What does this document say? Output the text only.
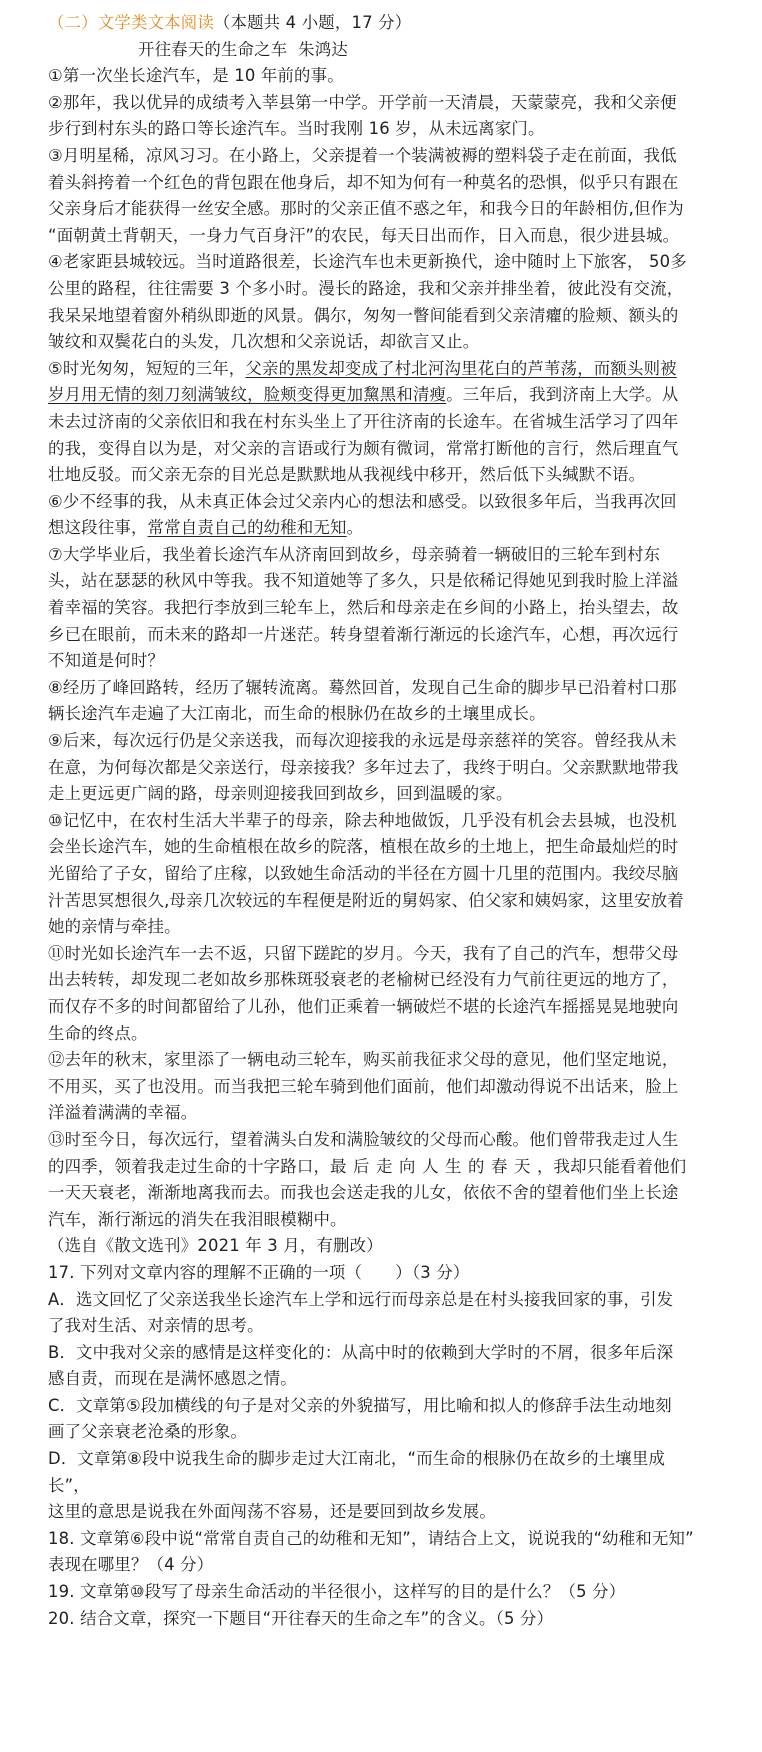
（二）文学类文本阅读（本题共 4 小题，17 分）
开往春天的生命之车 朱鸿达
①第一次坐长途汽车，是 10 年前的事。
②那年，我以优异的成绩考入莘县第一中学。开学前一天清晨，天蒙蒙亮，我和父亲便
步行到村东头的路口等长途汽车。当时我刚 16 岁，从未远离家门。
③月明星稀，凉风习习。在小路上，父亲提着一个装满被褥的塑料袋子走在前面，我低
着头斜挎着一个红色的背包跟在他身后，却不知为何有一种莫名的恐惧，似乎只有跟在
父亲身后才能获得一丝安全感。那时的父亲正值不惑之年，和我今日的年龄相仿,但作为
“面朝黄土背朝天，一身力气百身汗”的农民，每天日出而作，日入而息，很少进县城。
④老家距县城较远。当时道路很差，长途汽车也未更新换代，途中随时上下旅客， 50多
公里的路程，往往需要 3 个多小时。漫长的路途，我和父亲并排坐着，彼此没有交流，
我呆呆地望着窗外稍纵即逝的风景。偶尔，匆匆一瞥间能看到父亲清癯的脸颊、额头的
皱纹和双鬓花白的头发，几次想和父亲说话，却欲言又止。
⑤时光匆匆，短短的三年，父亲的黑发却变成了村北河沟里花白的芦苇荡，而额头则被
岁月用无情的刻刀刻满皱纹，脸颊变得更加黧黑和清瘦。三年后，我到济南上大学。从
未去过济南的父亲依旧和我在村东头坐上了开往济南的长途车。在省城生活学习了四年
的我，变得自以为是，对父亲的言语或行为颇有微词，常常打断他的言行，然后理直气
壮地反驳。而父亲无奈的目光总是默默地从我视线中移开，然后低下头缄默不语。
⑥少不经事的我，从未真正体会过父亲内心的想法和感受。以致很多年后，当我再次回
想这段往事，常常自责自己的幼稚和无知。
⑦大学毕业后，我坐着长途汽车从济南回到故乡，母亲骑着一辆破旧的三轮车到村东
头，站在瑟瑟的秋风中等我。我不知道她等了多久，只是依稀记得她见到我时脸上洋溢
着幸福的笑容。我把行李放到三轮车上，然后和母亲走在乡间的小路上，抬头望去，故
乡已在眼前，而未来的路却一片迷茫。转身望着渐行渐远的长途汽车，心想，再次远行
不知道是何时？
⑧经历了峰回路转，经历了辗转流离。蓦然回首，发现自己生命的脚步早已沿着村口那
辆长途汽车走遍了大江南北，而生命的根脉仍在故乡的土壤里成长。
⑨后来，每次远行仍是父亲送我，而每次迎接我的永远是母亲慈祥的笑容。曾经我从未
在意，为何每次都是父亲送行，母亲接我？多年过去了，我终于明白。父亲默默地带我
走上更远更广阔的路，母亲则迎接我回到故乡，回到温暖的家。
⑩记忆中，在农村生活大半辈子的母亲，除去种地做饭，几乎没有机会去县城，也没机
会坐长途汽车，她的生命植根在故乡的院落，植根在故乡的土地上，把生命最灿烂的时
光留给了子女，留给了庄稼，以致她生命活动的半径在方圆十几里的范围内。我绞尽脑
汁苦思冥想很久,母亲几次较远的车程便是附近的舅妈家、伯父家和姨妈家，这里安放着
她的亲情与牵挂。
⑪时光如长途汽车一去不返，只留下蹉跎的岁月。今天，我有了自己的汽车，想带父母
出去转转，却发现二老如故乡那株斑驳衰老的老榆树已经没有力气前往更远的地方了，
而仅存不多的时间都留给了儿孙，他们正乘着一辆破烂不堪的长途汽车摇摇晃晃地驶向
生命的终点。
⑫去年的秋末，家里添了一辆电动三轮车，购买前我征求父母的意见，他们坚定地说，
不用买，买了也没用。而当我把三轮车骑到他们面前，他们却激动得说不出话来，脸上
洋溢着满满的幸福。
⑬时至今日，每次远行，望着满头白发和满脸皱纹的父母而心酸。他们曾带我走过人生
的四季，领着我走过生命的十字路口，最后走向人生的春天，我却只能看着他们
一天天衰老，渐渐地离我而去。而我也会送走我的儿女，依依不舍的望着他们坐上长途
汽车，渐行渐远的消失在我泪眼模糊中。
（选自《散文选刊》2021 年 3 月，有删改）
17. 下列对文章内容的理解不正确的一项（　　）（3 分）
A．选文回忆了父亲送我坐长途汽车上学和远行而母亲总是在村头接我回家的事，引发
了我对生活、对亲情的思考。
B．文中我对父亲的感情是这样变化的：从高中时的依赖到大学时的不屑，很多年后深
感自责，而现在是满怀感恩之情。
C．文章第⑤段加横线的句子是对父亲的外貌描写，用比喻和拟人的修辞手法生动地刻
画了父亲衰老沧桑的形象。
D．文章第⑧段中说我生命的脚步走过大江南北，“而生命的根脉仍在故乡的土壤里成
长”，
这里的意思是说我在外面闯荡不容易，还是要回到故乡发展。
18. 文章第⑥段中说“常常自责自己的幼稚和无知”，请结合上文，说说我的“幼稚和无知”
表现在哪里？（4 分）
19. 文章第⑩段写了母亲生命活动的半径很小，这样写的目的是什么？（5 分）
20. 结合文章，探究一下题目“开往春天的生命之车”的含义。（5 分）
